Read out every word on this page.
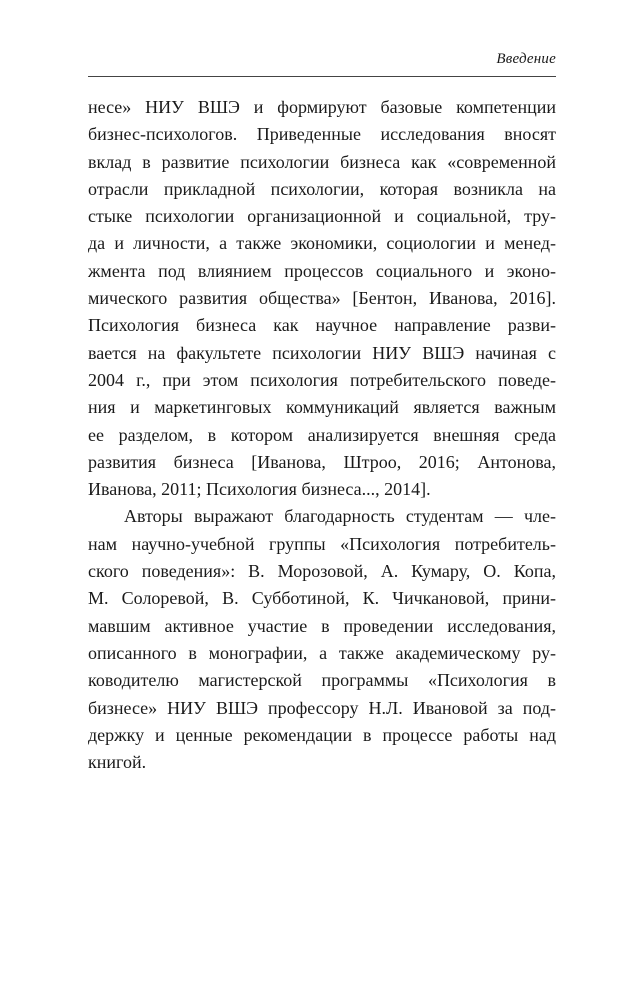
Введение
несе» НИУ ВШЭ и формируют базовые компетенции
бизнес-психологов. Приведенные исследования вносят
вклад в развитие психологии бизнеса как «современной
отрасли прикладной психологии, которая возникла на
стыке психологии организационной и социальной, тру-
да и личности, а также экономики, социологии и менед-
жмента под влиянием процессов социального и эконо-
мического развития общества» [Бентон, Иванова, 2016].
Психология бизнеса как научное направление разви-
вается на факультете психологии НИУ ВШЭ начиная с
2004 г., при этом психология потребительского поведе-
ния и маркетинговых коммуникаций является важным
ее разделом, в котором анализируется внешняя среда
развития бизнеса [Иванова, Штроо, 2016; Антонова,
Иванова, 2011; Психология бизнеса..., 2014].
Авторы выражают благодарность студентам — чле-
нам научно-учебной группы «Психология потребитель-
ского поведения»: В. Морозовой, А. Кумару, О. Копа,
М. Солоревой, В. Субботиной, К. Чичкановой, прини-
мавшим активное участие в проведении исследования,
описанного в монографии, а также академическому ру-
ководителю магистерской программы «Психология в
бизнесе» НИУ ВШЭ профессору Н.Л. Ивановой за под-
держку и ценные рекомендации в процессе работы над
книгой.
